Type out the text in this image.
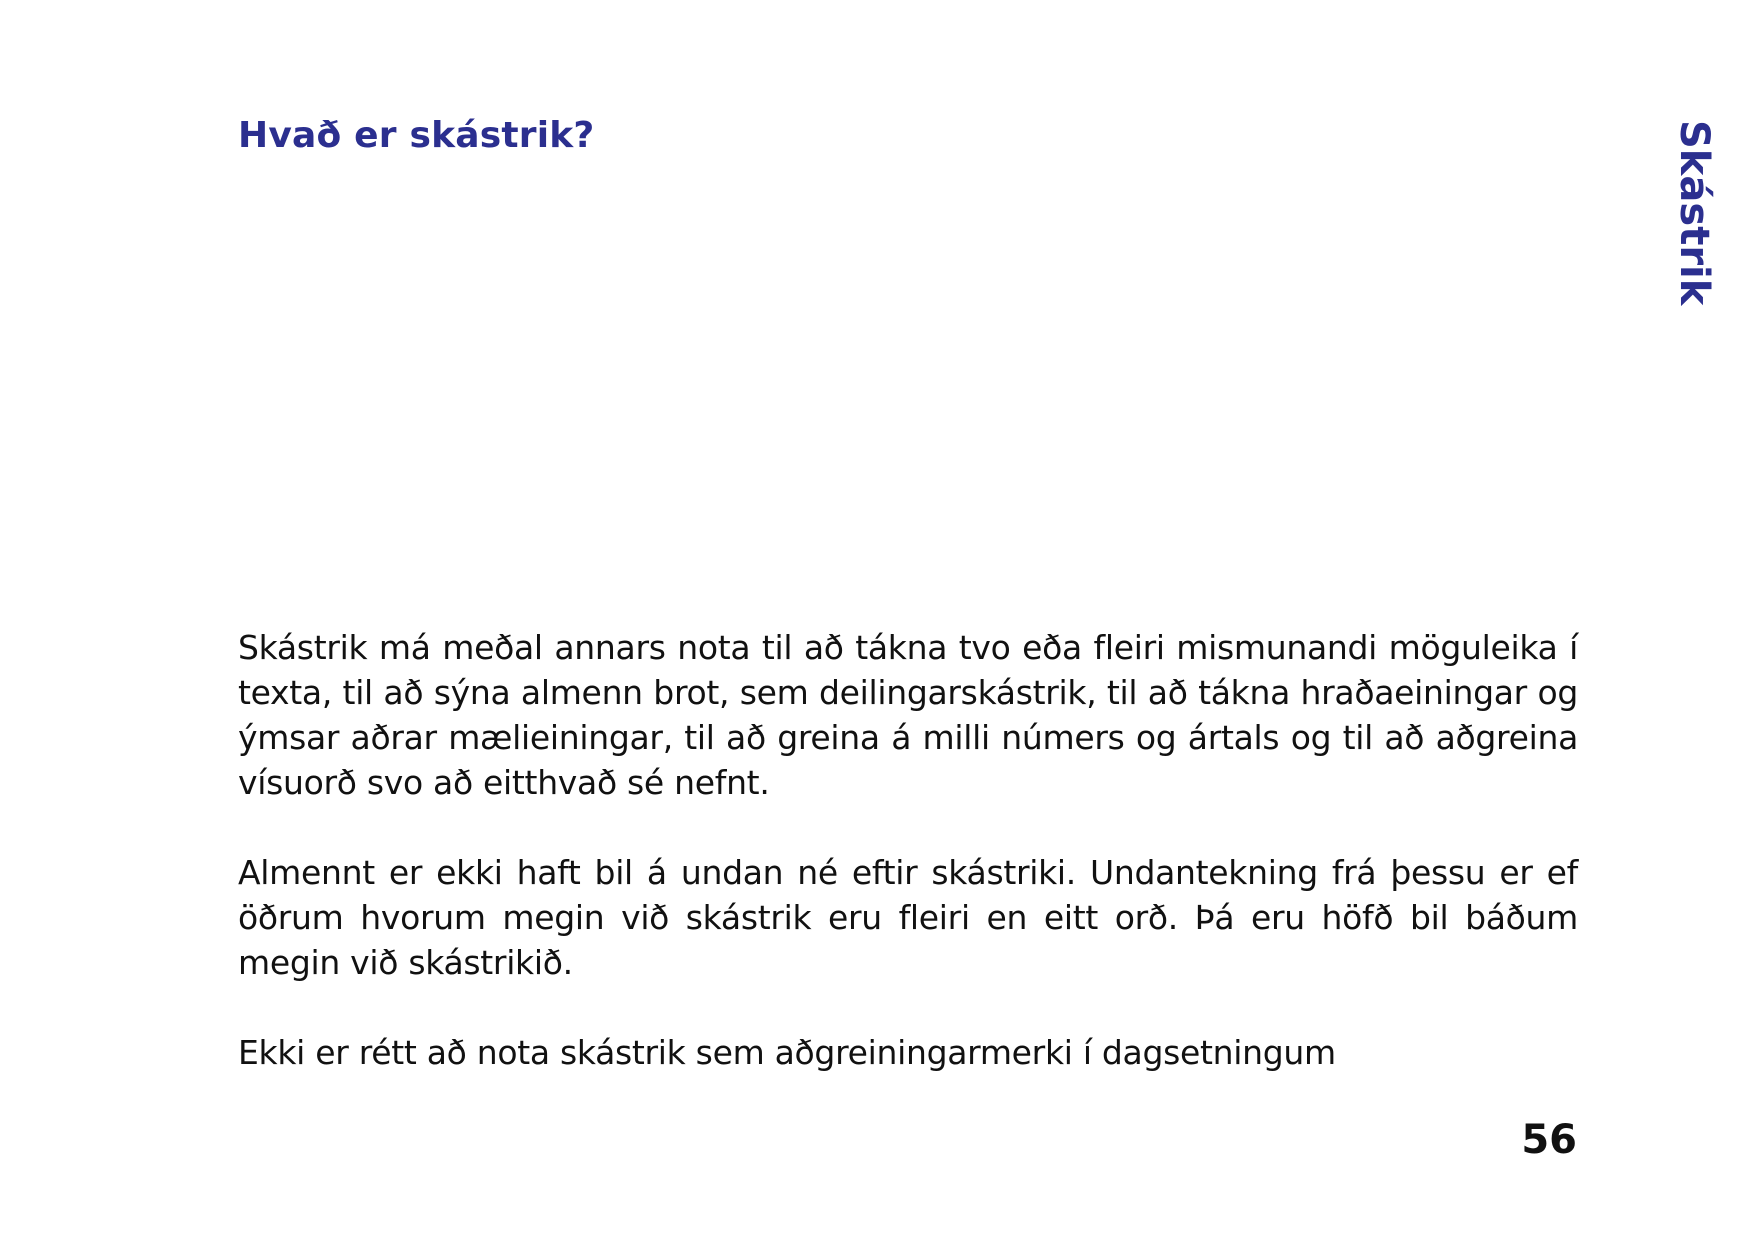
Hvað er skástrik?	Skástrik

Skástrik má meðal annars nota til að tákna tvo eða fleiri mismunandi möguleika í texta, til að sýna almenn brot, sem deilingarskástrik, til að tákna hraðaeiningar og ýmsar aðrar mælieiningar, til að greina á milli númers og ártals og til að aðgreina vísuorð svo að eitthvað sé nefnt.

Almennt er ekki haft bil á undan né eftir skástriki. Undantekning frá þessu er ef öðrum hvorum megin við skástrik eru fleiri en eitt orð. Þá eru höfð bil báðum megin við skástrikið.

Ekki er rétt að nota skástrik sem aðgreiningarmerki í dagsetningum

56
